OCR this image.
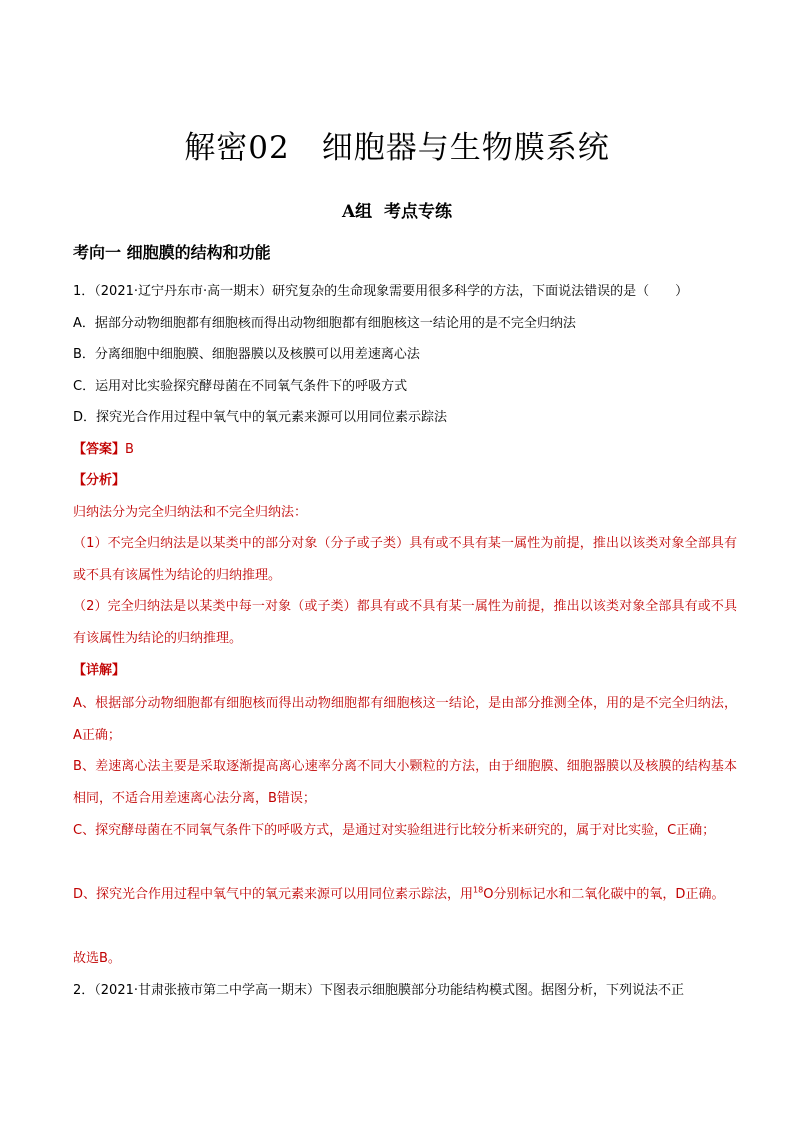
解密02　细胞器与生物膜系统
A组  考点专练
考向一 细胞膜的结构和功能
1．（2021·辽宁丹东市·高一期末）研究复杂的生命现象需要用很多科学的方法，下面说法错误的是（　　）
A．据部分动物细胞都有细胞核而得出动物细胞都有细胞核这一结论用的是不完全归纳法
B．分离细胞中细胞膜、细胞器膜以及核膜可以用差速离心法
C．运用对比实验探究酵母菌在不同氧气条件下的呼吸方式
D．探究光合作用过程中氧气中的氧元素来源可以用同位素示踪法
【答案】B
【分析】
归纳法分为完全归纳法和不完全归纳法：
（1）不完全归纳法是以某类中的部分对象（分子或子类）具有或不具有某一属性为前提，推出以该类对象全部具有或不具有该属性为结论的归纳推理。
（2）完全归纳法是以某类中每一对象（或子类）都具有或不具有某一属性为前提，推出以该类对象全部具有或不具有该属性为结论的归纳推理。
【详解】
A、根据部分动物细胞都有细胞核而得出动物细胞都有细胞核这一结论，是由部分推测全体，用的是不完全归纳法，A正确；
B、差速离心法主要是采取逐渐提高离心速率分离不同大小颗粒的方法，由于细胞膜、细胞器膜以及核膜的结构基本相同，不适合用差速离心法分离，B错误；
C、探究酵母菌在不同氧气条件下的呼吸方式，是通过对实验组进行比较分析来研究的，属于对比实验，C正确；
D、探究光合作用过程中氧气中的氧元素来源可以用同位素示踪法，用$^{18}$O分别标记水和二氧化碳中的氧，D正确。
故选B。
2．（2021·甘肃张掖市第二中学高一期末）下图表示细胞膜部分功能结构模式图。据图分析，下列说法不正
